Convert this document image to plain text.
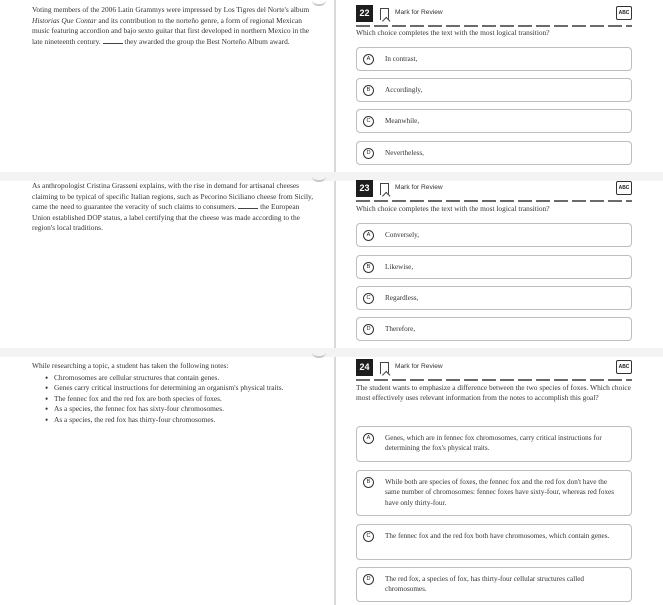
Voting members of the 2006 Latin Grammys were impressed by Los Tigres del Norte's album Historias Que Contar and its contribution to the norteño genre, a form of regional Mexican music featuring accordion and bajo sexto guitar that first developed in northern Mexico in the late nineteenth century.	they awarded the group the Best Norteño Album award.
22	Mark for Review	ABC
Which choice completes the text with the most logical transition?
A	In contrast,
B	Accordingly,
C	Meanwhile,
D	Nevertheless,
As anthropologist Cristina Grasseni explains, with the rise in demand for artisanal cheeses claiming to be typical of specific Italian regions, such as Pecorino Siciliano cheese from Sicily, came the need to guarantee the veracity of such claims to consumers.	the European Union established DOP status, a label certifying that the cheese was made according to the region's local traditions.
23	Mark for Review	ABC
Which choice completes the text with the most logical transition?
A	Conversely,
B	Likewise,
C	Regardless,
D	Therefore,
While researching a topic, a student has taken the following notes:
• Chromosomes are cellular structures that contain genes.
• Genes carry critical instructions for determining an organism's physical traits.
• The fennec fox and the red fox are both species of foxes.
• As a species, the fennec fox has sixty-four chromosomes.
• As a species, the red fox has thirty-four chromosomes.
24	Mark for Review	ABC
The student wants to emphasize a difference between the two species of foxes. Which choice most effectively uses relevant information from the notes to accomplish this goal?
A	Genes, which are in fennec fox chromosomes, carry critical instructions for determining the fox's physical traits.
B	While both are species of foxes, the fennec fox and the red fox don't have the same number of chromosomes: fennec foxes have sixty-four, whereas red foxes have only thirty-four.
C	The fennec fox and the red fox both have chromosomes, which contain genes.
D	The red fox, a species of fox, has thirty-four cellular structures called chromosomes.
